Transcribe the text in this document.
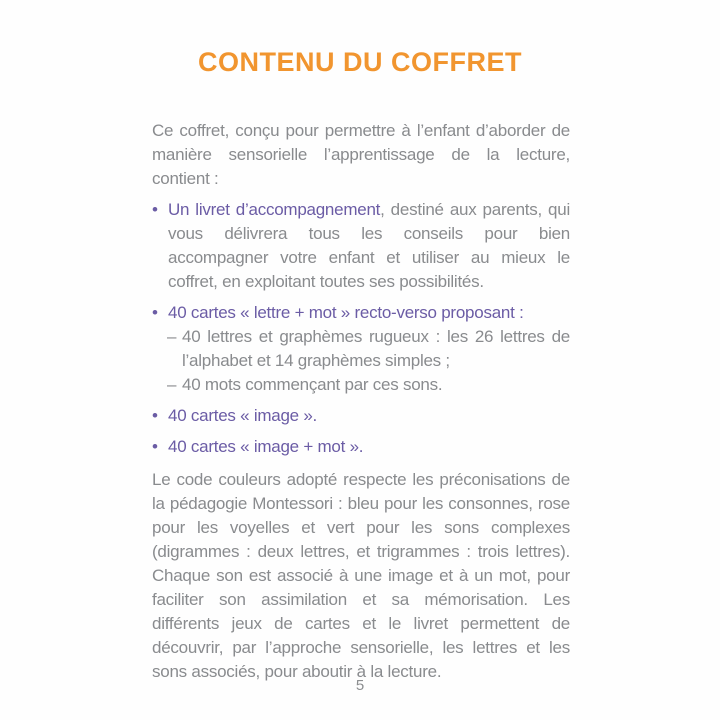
CONTENU DU COFFRET

Ce coffret, conçu pour permettre à l’enfant d’aborder de manière sensorielle l’apprentissage de la lecture, contient :

• Un livret d’accompagnement, destiné aux parents, qui vous délivrera tous les conseils pour bien accompagner votre enfant et utiliser au mieux le coffret, en exploitant toutes ses possibilités.

• 40 cartes « lettre + mot » recto-verso proposant :

– 40 lettres et graphèmes rugueux : les 26 lettres de l’alphabet et 14 graphèmes simples ;

– 40 mots commençant par ces sons.

• 40 cartes « image ».

• 40 cartes « image + mot ».

Le code couleurs adopté respecte les préconisations de la pédagogie Montessori : bleu pour les consonnes, rose pour les voyelles et vert pour les sons complexes (digrammes : deux lettres, et trigrammes : trois lettres). Chaque son est associé à une image et à un mot, pour faciliter son assimilation et sa mémorisation. Les différents jeux de cartes et le livret permettent de découvrir, par l’approche sensorielle, les lettres et les sons associés, pour aboutir à la lecture.

5
